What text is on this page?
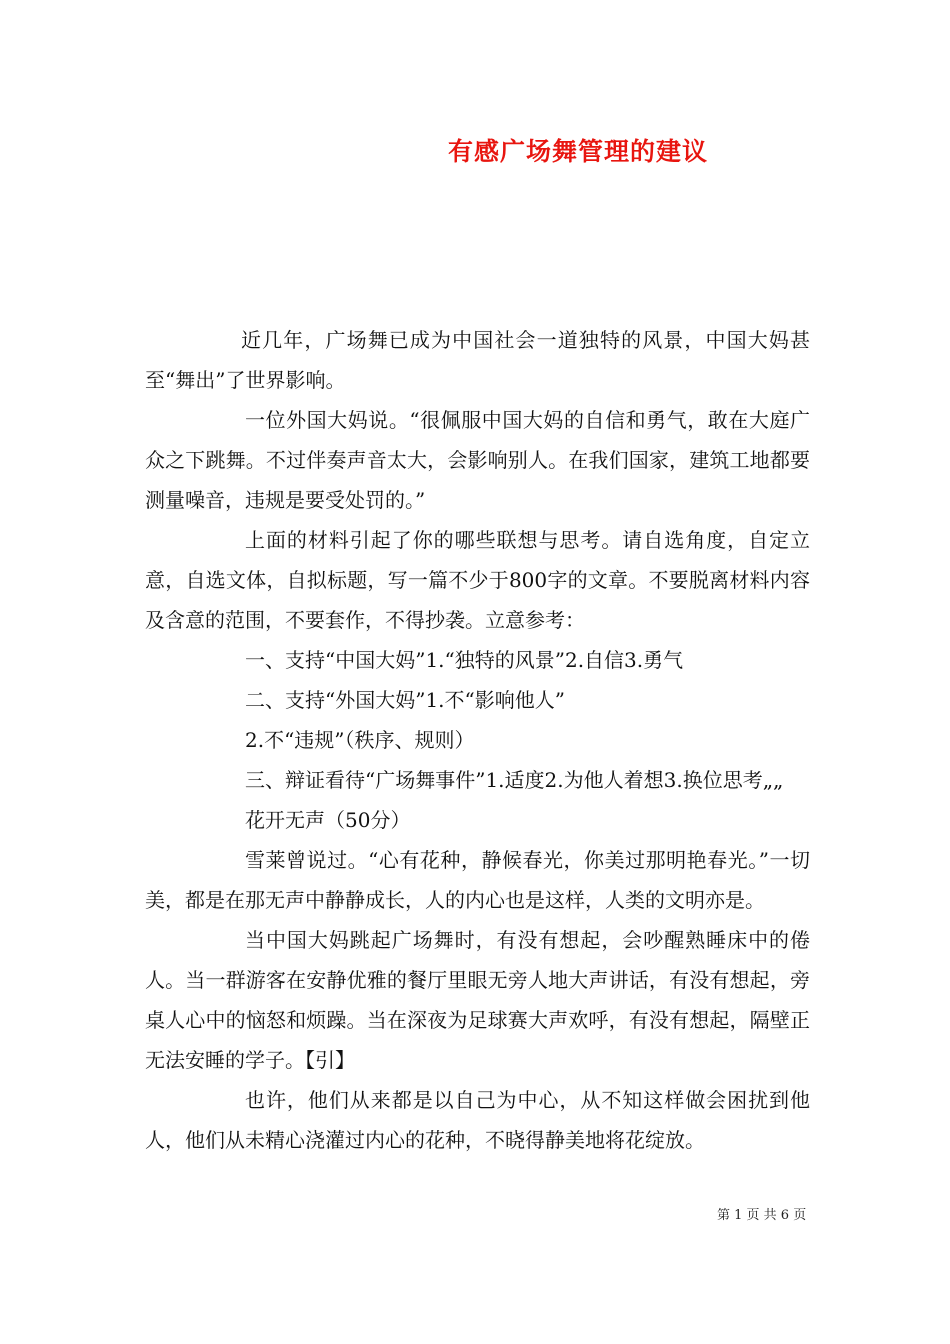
有感广场舞管理的建议

近几年，广场舞已成为中国社会一道独特的风景，中国大妈甚至“舞出”了世界影响。

一位外国大妈说。“很佩服中国大妈的自信和勇气，敢在大庭广众之下跳舞。不过伴奏声音太大，会影响别人。在我们国家，建筑工地都要测量噪音，违规是要受处罚的。”

上面的材料引起了你的哪些联想与思考。请自选角度，自定立意，自选文体，自拟标题，写一篇不少于800字的文章。不要脱离材料内容及含意的范围，不要套作，不得抄袭。立意参考：

一、支持“中国大妈”1.“独特的风景”2.自信3.勇气

二、支持“外国大妈”1.不“影响他人”

2.不“违规”（秩序、规则）

三、辩证看待“广场舞事件”1.适度2.为他人着想3.换位思考„„

花开无声（50分）

雪莱曾说过。“心有花种，静候春光，你美过那明艳春光。”一切美，都是在那无声中静静成长，人的内心也是这样，人类的文明亦是。

当中国大妈跳起广场舞时，有没有想起，会吵醒熟睡床中的倦人。当一群游客在安静优雅的餐厅里眼无旁人地大声讲话，有没有想起，旁桌人心中的恼怒和烦躁。当在深夜为足球赛大声欢呼，有没有想起，隔壁正无法安睡的学子。【引】

也许，他们从来都是以自己为中心，从不知这样做会困扰到他人，他们从未精心浇灌过内心的花种，不晓得静美地将花绽放。

第 1 页 共 6 页
